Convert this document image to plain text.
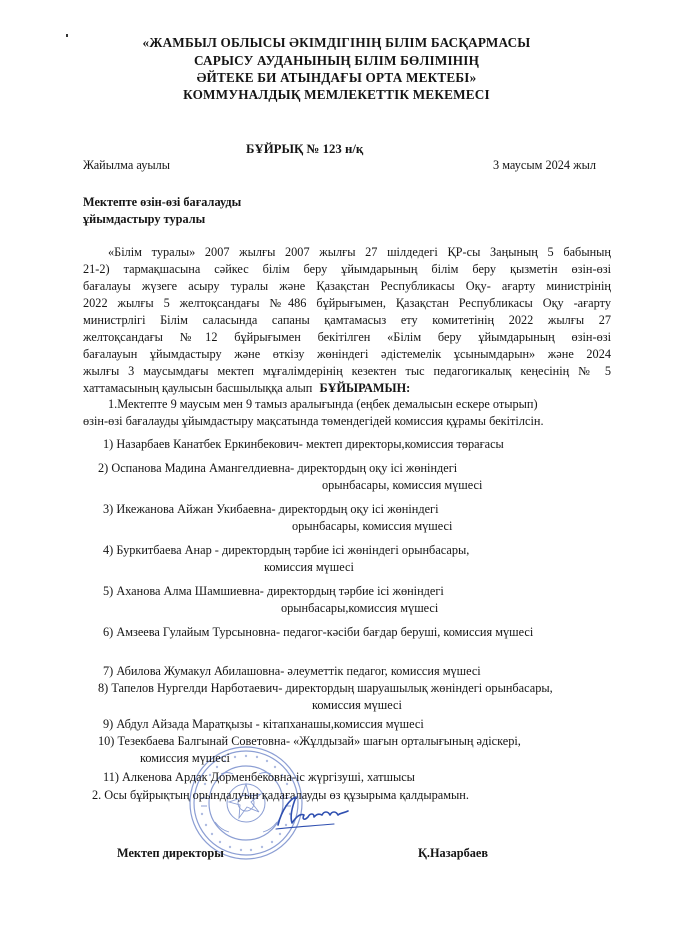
«ЖАМБЫЛ ОБЛЫСЫ ӘКІМДІГІНІҢ БІЛІМ БАСҚАРМАСЫ
САРЫСУ АУДАНЫНЫҢ БІЛІМ БӨЛІМІНІҢ
ӘЙТЕКЕ БИ АТЫНДАҒЫ ОРТА МЕКТЕБІ»
КОММУНАЛДЫҚ МЕМЛЕКЕТТІК МЕКЕМЕСІ
БҰЙРЫҚ № 123 н/қ
Жайылма ауылы	3 маусым 2024 жыл
Мектепте өзін-өзі бағалауды
ұйымдастыру туралы
«Білім туралы» 2007 жылғы 2007 жылғы 27 шілдедегі ҚР-сы Заңының 5 бабының
21-2) тармақшасына сәйкес білім беру ұйымдарының білім беру қызметін өзін-өзі
бағалауы жүзеге асыру туралы және Қазақстан Республикасы Оқу- ағарту министрінің
2022 жылғы 5 желтоқсандағы №486 бұйрығымен, Қазақстан Республикасы Оқу -ағарту
министрлігі Білім саласында сапаны қамтамасыз ету комитетінің 2022 жылғы 27
желтоқсандағы №12 бұйрығымен бекітілген «Білім беру ұйымдарының өзін-өзі
бағалауын ұйымдастыру және өткізу жөніндегі әдістемелік ұсынымдарын» және 2024
жылғы 3 маусымдағы мектеп мұғалімдерінің кезектен тыс педагогикалық кеңесінің № 5
хаттамасының қаулысын басшылыққа алып БҰЙЫРАМЫН:
1.Мектепте 9 маусым мен 9 тамыз аралығында (еңбек демалысын ескере отырып)
өзін-өзі бағалауды ұйымдастыру мақсатында төмендегідей комиссия құрамы бекітілсін.
1) Назарбаев Канатбек Еркинбекович- мектеп директоры,комиссия төрағасы
2) Оспанова Мадина Амангелдиевна- директордың оқу ісі жөніндегі
орынбасары, комиссия мүшесі
3) Икежанова Айжан Укибаевна- директордың оқу ісі жөніндегі
орынбасары, комиссия мүшесі
4) Буркитбаева Анар - директордың тәрбие ісі жөніндегі орынбасары,
комиссия мүшесі
5) Аханова Алма Шамшиевна- директордың тәрбие ісі жөніндегі
орынбасары,комиссия мүшесі
6) Амзеева Гулайым Турсыновна- педагог-кәсіби бағдар беруші, комиссия мүшесі
7) Абилова Жумакул Абилашовна- әлеуметтік педагог, комиссия мүшесі
8) Тапелов Нургелди Нарботаевич- директордың шаруашылық жөніндегі орынбасары,
комиссия мүшесі
9) Абдул Айзада Маратқызы - кітапханашы,комиссия мүшесі
10) Тезекбаева Балгынай Советовна- «Жұлдызай» шағын орталығының әдіскері,
комиссия мүшесі
11) Алкенова Ардак Дорменбековна-іс жүргізуші, хатшысы
2. Осы бұйрықтың орындалуын қадағалауды өз құзырыма қалдырамын.
Мектеп директоры	Қ.Назарбаев
